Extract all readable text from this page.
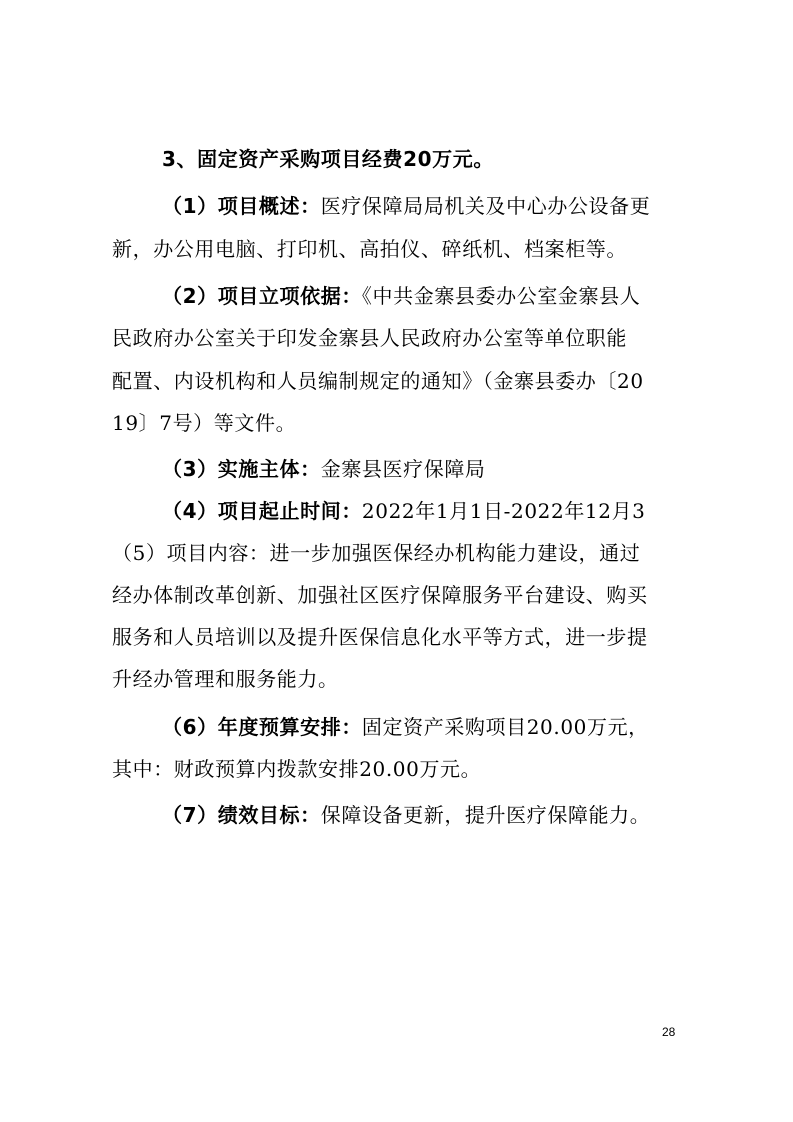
3、固定资产采购项目经费20万元。
（1）项目概述：医疗保障局局机关及中心办公设备更
新，办公用电脑、打印机、高拍仪、碎纸机、档案柜等。
（2）项目立项依据：《中共金寨县委办公室金寨县人
民政府办公室关于印发金寨县人民政府办公室等单位职能
配置、内设机构和人员编制规定的通知》（金寨县委办〔20
19〕7号）等文件。
（3）实施主体：金寨县医疗保障局
（4）项目起止时间：2022年1月1日-2022年12月3
（5）项目内容：进一步加强医保经办机构能力建设，通过
经办体制改革创新、加强社区医疗保障服务平台建设、购买
服务和人员培训以及提升医保信息化水平等方式，进一步提
升经办管理和服务能力。
（6）年度预算安排：固定资产采购项目20.00万元，
其中：财政预算内拨款安排20.00万元。
（7）绩效目标：保障设备更新，提升医疗保障能力。
28
